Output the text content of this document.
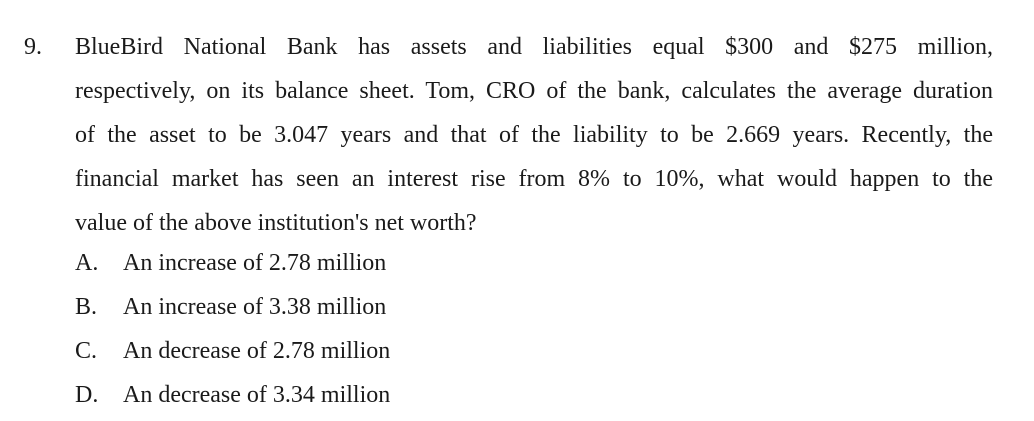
9. BlueBird National Bank has assets and liabilities equal $300 and $275 million,
respectively, on its balance sheet. Tom, CRO of the bank, calculates the average duration
of the asset to be 3.047 years and that of the liability to be 2.669 years. Recently, the
financial market has seen an interest rise from 8% to 10%, what would happen to the
value of the above institution's net worth?
A. An increase of 2.78 million
B. An increase of 3.38 million
C. An decrease of 2.78 million
D. An decrease of 3.34 million
